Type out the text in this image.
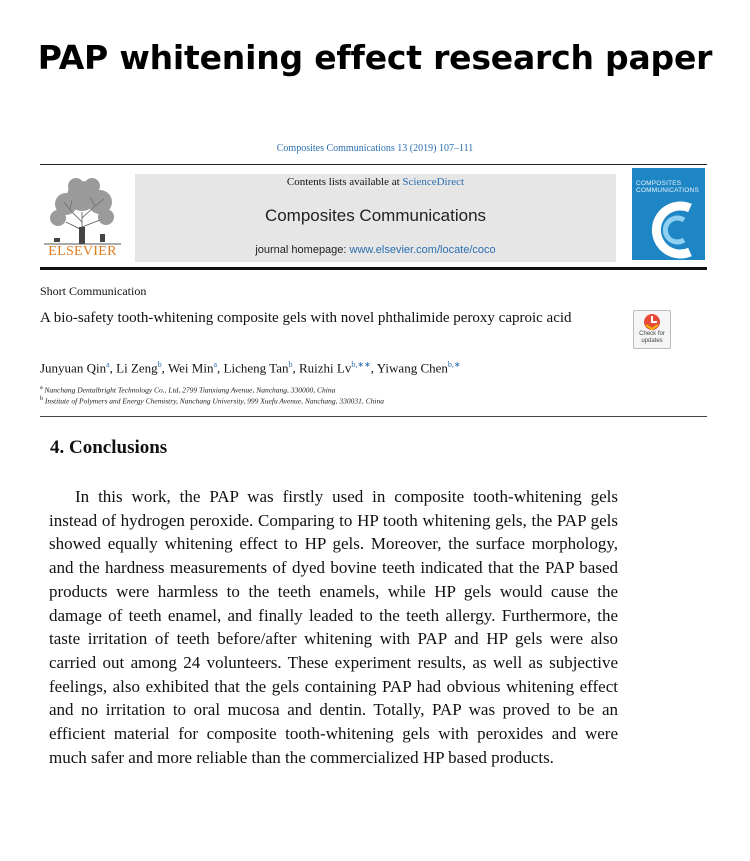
PAP whitening effect research paper
Composites Communications 13 (2019) 107–111
ELSEVIER
Contents lists available at ScienceDirect
Composites Communications
journal homepage: www.elsevier.com/locate/coco
COMPOSITES COMMUNICATIONS
Short Communication
A bio-safety tooth-whitening composite gels with novel phthalimide peroxy caproic acid
Check for updates
Junyuan Qin$^a$, Li Zeng$^b$, Wei Min$^a$, Licheng Tan$^b$, Ruizhi $Lv^{b,∗∗}$, Yiwang Chen$^{b,∗}$
$^a$ Nanchang Dentalbright Technology Co., Ltd, 2799 Tianxiang Avenue, Nanchang, 330000, China
$^b$ Institute of Polymers and Energy Chemistry, Nanchang University, 999 Xuefu Avenue, Nanchang, 330031, China
4. Conclusions
In this work, the PAP was firstly used in composite tooth-whitening gels instead of hydrogen peroxide. Comparing to HP tooth whitening gels, the PAP gels showed equally whitening effect to HP gels. Moreover, the surface morphology, and the hardness measurements of dyed bovine teeth indicated that the PAP based products were harmless to the teeth enamels, while HP gels would cause the damage of teeth enamel, and finally leaded to the teeth allergy. Furthermore, the taste irritation of teeth before/after whitening with PAP and HP gels were also carried out among 24 volunteers. These experiment results, as well as subjective feelings, also exhibited that the gels containing PAP had obvious whitening effect and no irritation to oral mucosa and dentin. Totally, PAP was proved to be an efficient material for composite tooth-whitening gels with peroxides and were much safer and more reliable than the commercialized HP based products.
